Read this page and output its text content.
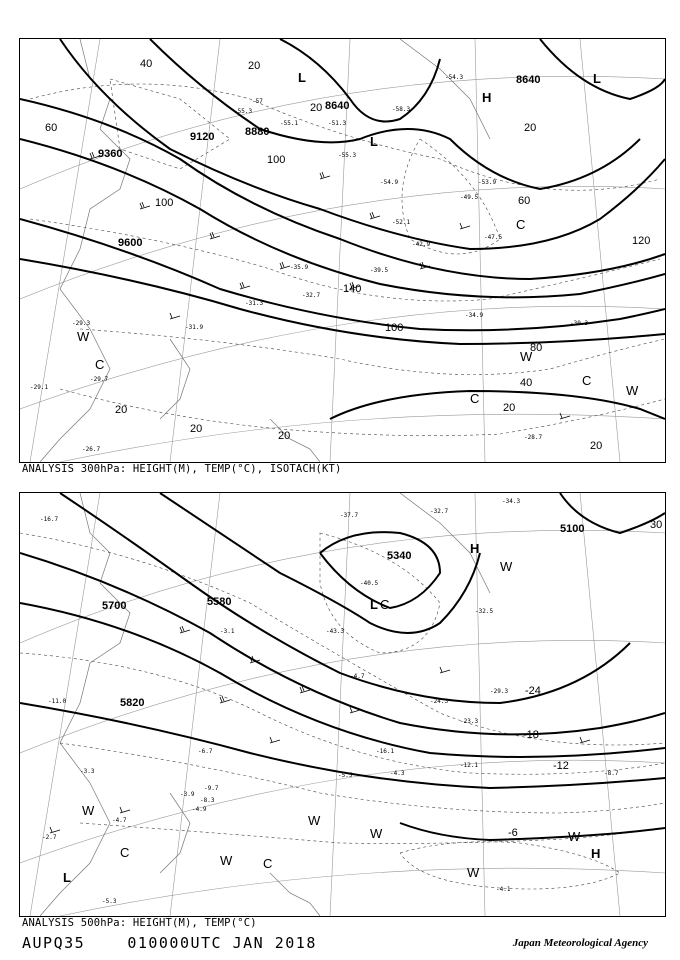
9120	8880
8640
9360
9600
8640
60
100
140
100
80
40
20
20
20
20
60
120
20
20
100
20
40
20
L
L
L
H
W
C
W
C
C
W
C
-57
-55.3
-55.1
-58.3
-51.3
-52.1
-47.5
-42.9
-39.5
-35.9
-32.7
-31.3
-31.9
-34.9
-30.3
-29.3
-29.7
-28.7
-29.1
-26.7
-55.3
-54.9
-54.3
-49.5
-53.9
ANALYSIS 300hPa: HEIGHT(M), TEMP(°C), ISOTACH(KT)
5700	5580
5820
5340
5100
-24
-18
-12
-6
30
H
L C
W
W
C
L
C
W
W
W
W
H
W
-16.7
-32.7
-34.3
-37.7
-40.5
-43.3
-32.5
-29.3
-24.3
-23.3
-16.1
-12.1
-8.7
-4.3
-5.5
-6.7
-8.3
-9.7
-11.0
-4.7
-3.3
-4.9
-3.9
-4.1
-5.3
-3.1
-2.7
-4.7
ANALYSIS 500hPa: HEIGHT(M), TEMP(°C)
AUPQ35	010000UTC JAN 2018	Japan Meteorological Agency
